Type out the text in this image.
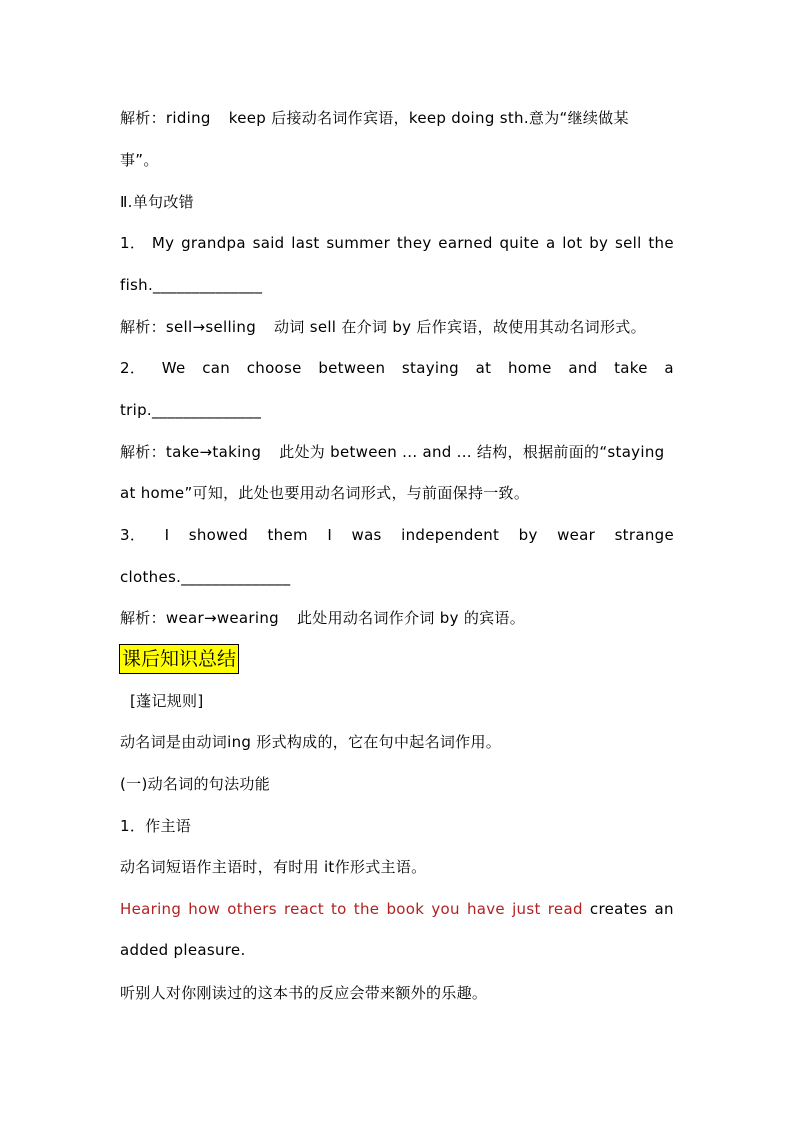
解析：riding keep 后接动名词作宾语，keep doing sth.意为“继续做某
事”。
Ⅱ.单句改错
1． My grandpa said last summer they earned quite a lot by sell the
fish.______________
解析：sell→selling 动词 sell 在介词 by 后作宾语，故使用其动名词形式。
2． We can choose between staying at home and take a
trip.______________
解析：take→taking 此处为 between ... and ... 结构，根据前面的“staying
at home”可知，此处也要用动名词形式，与前面保持一致。
3． I showed them I was independent by wear strange
clothes.______________
解析：wear→wearing 此处用动名词作介词 by 的宾语。
课后知识总结
[蓬记规则]
动名词是由动词ing 形式构成的，它在句中起名词作用。
(一)动名词的句法功能
1．作主语
动名词短语作主语时，有时用 it作形式主语。
Hearing how others react to the book you have just read creates an
added pleasure.
听别人对你刚读过的这本书的反应会带来额外的乐趣。
